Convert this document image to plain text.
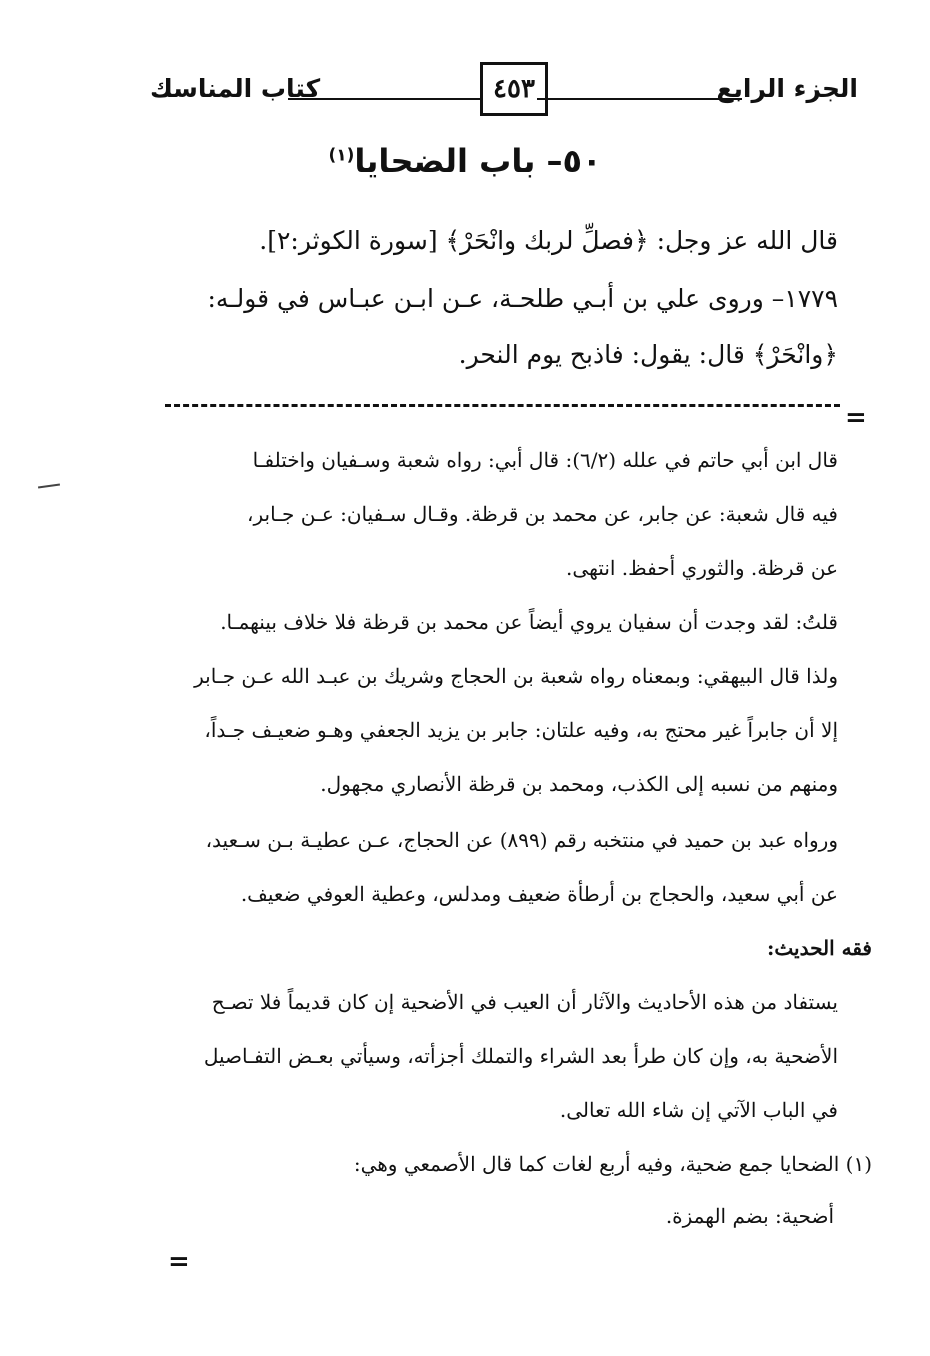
كتاب المناسك	٤٥٣	الجزء الرابع
٥٠– باب الضحايا$^{(١)}$
قال الله عز وجل: ﴿فصلِّ لربك وانْحَرْ﴾ [سورة الكوثر:٢].
١٧٧٩– وروى علي بن أبـي طلحـة، عـن ابـن عبـاس في قولـه:
﴿وانْحَرْ﴾ قال: يقول: فاذبح يوم النحر.
=
قال ابن أبي حاتم في علله (٦/٢): قال أبي: رواه شعبة وسـفيان واختلفـا
فيه قال شعبة: عن جابر، عن محمد بن قرظة. وقـال سـفيان: عـن جـابر،
عن قرظة. والثوري أحفظ. انتهى.
قلتُ: لقد وجدت أن سفيان يروي أيضاً عن محمد بن قرظة فلا خلاف بينهمـا.
ولذا قال البيهقي: وبمعناه رواه شعبة بن الحجاج وشريك بن عبـد الله عـن جـابر
إلا أن جابراً غير محتج به، وفيه علتان: جابر بن يزيد الجعفي وهـو ضعيـف جـداً،
ومنهم من نسبه إلى الكذب، ومحمد بن قرظة الأنصاري مجهول.
ورواه عبد بن حميد في منتخبه رقم (٨٩٩) عن الحجاج، عـن عطيـة بـن سـعيد،
عن أبي سعيد، والحجاج بن أرطأة ضعيف ومدلس، وعطية العوفي ضعيف.
فقه الحديث:
يستفاد من هذه الأحاديث والآثار أن العيب في الأضحية إن كان قديماً فلا تصـح
الأضحية به، وإن كان طرأ بعد الشراء والتملك أجزأته، وسيأتي بعـض التفـاصيل
في الباب الآتي إن شاء الله تعالى.
(١) الضحايا جمع ضحية، وفيه أربع لغات كما قال الأصمعي وهي:
أضحية: بضم الهمزة.
=
